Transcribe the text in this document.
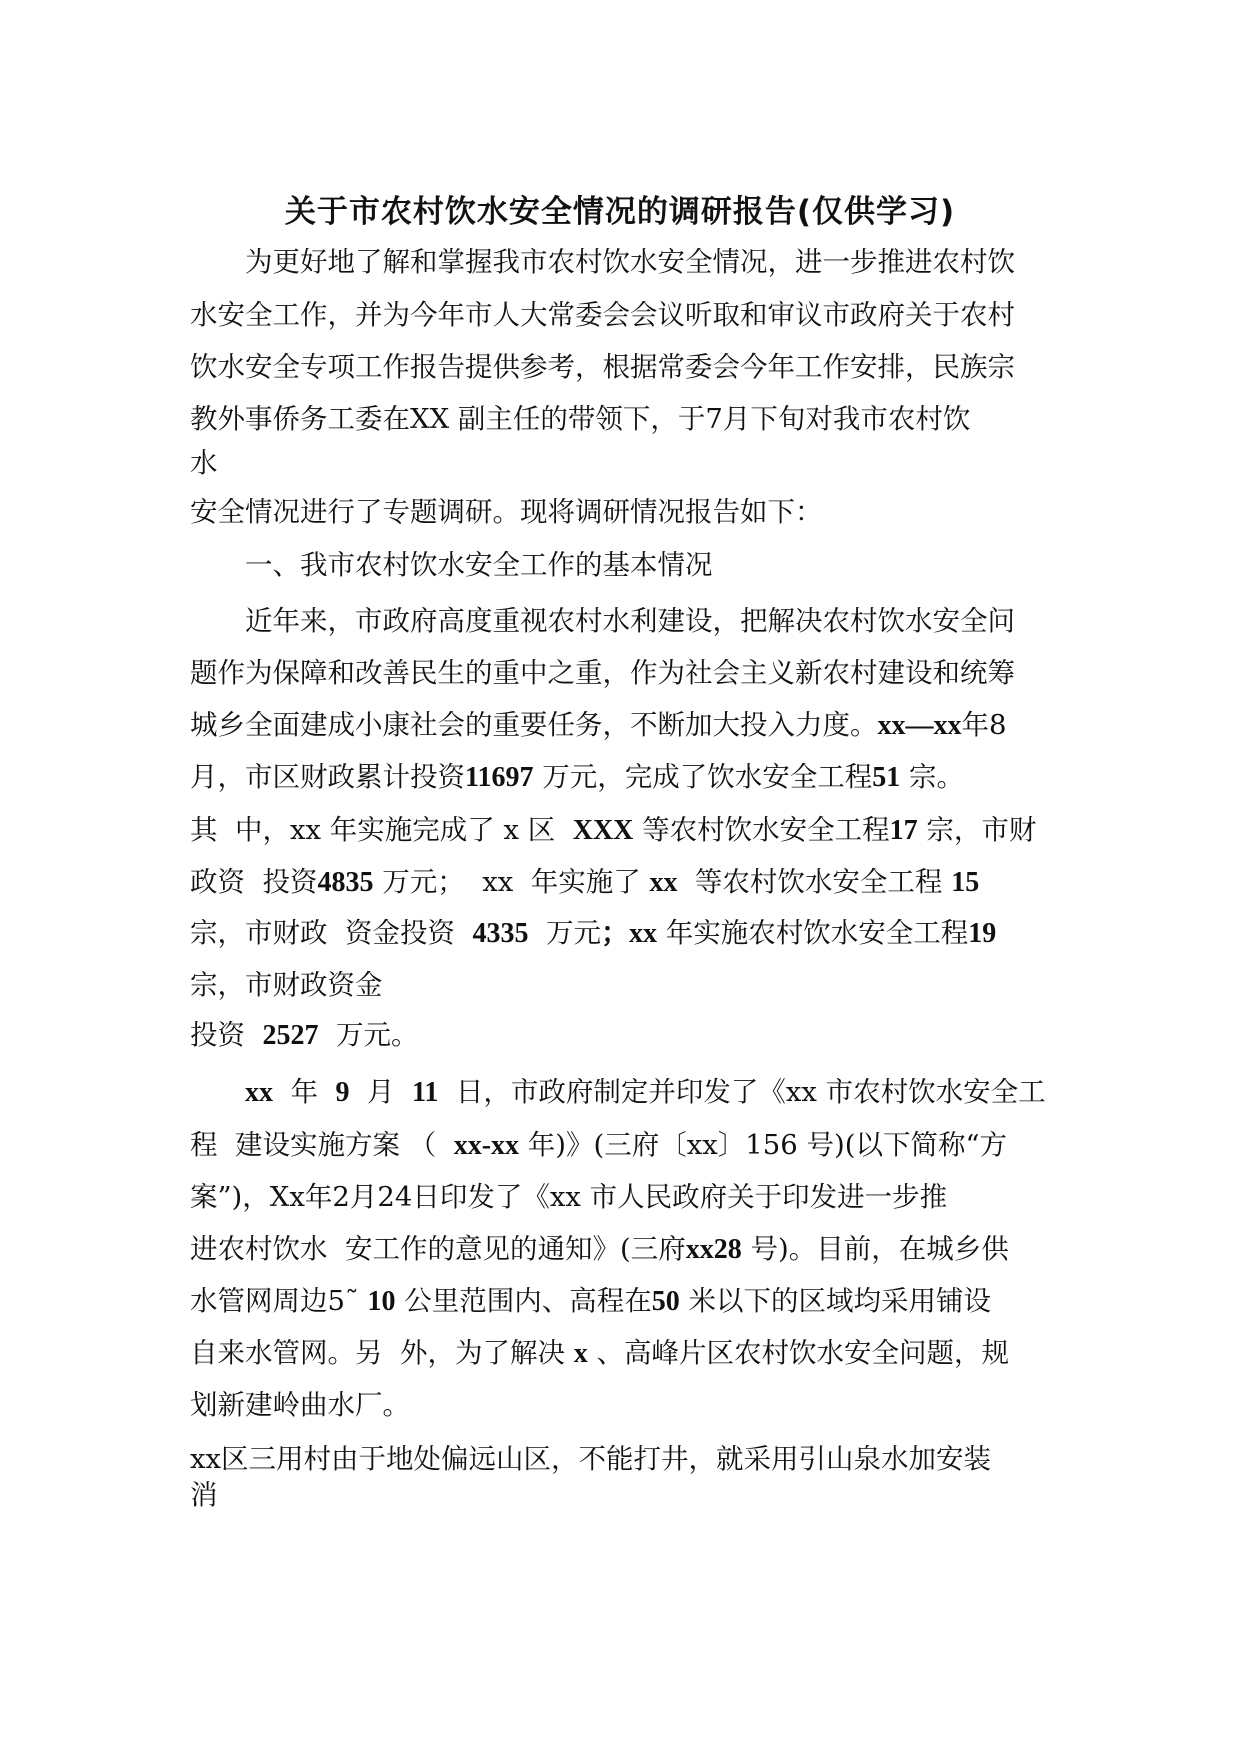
关于市农村饮水安全情况的调研报告(仅供学习)
为更好地了解和掌握我市农村饮水安全情况，进一步推进农村饮
水安全工作，并为今年市人大常委会会议听取和审议市政府关于农村
饮水安全专项工作报告提供参考，根据常委会今年工作安排，民族宗
教外事侨务工委在XX 副主任的带领下，于7月下旬对我市农村饮
水
安全情况进行了专题调研。现将调研情况报告如下：
一、我市农村饮水安全工作的基本情况
近年来，市政府高度重视农村水利建设，把解决农村饮水安全问
题作为保障和改善民生的重中之重，作为社会主义新农村建设和统筹
城乡全面建成小康社会的重要任务，不断加大投入力度。xx—xx年8
月，市区财政累计投资11697 万元，完成了饮水安全工程51 宗。
其  中，xx 年实施完成了 x 区  XXX 等农村饮水安全工程17 宗，市财
政资  投资4835 万元；  xx  年实施了 xx  等农村饮水安全工程 15
宗，市财政  资金投资  4335  万元；xx 年实施农村饮水安全工程19
宗，市财政资金
投资  2527  万元。
xx  年  9  月  11  日，市政府制定并印发了《xx 市农村饮水安全工
程  建设实施方案 （  xx-xx 年)》(三府〔xx〕156 号)(以下简称“方
案”)，Xx年2月24日印发了《xx 市人民政府关于印发进一步推
进农村饮水  安工作的意见的通知》(三府xx28 号)。目前，在城乡供
水管网周边5˜ 10 公里范围内、高程在50 米以下的区域均采用铺设
自来水管网。另  外，为了解决 x 、高峰片区农村饮水安全问题，规
划新建岭曲水厂。
xx区三用村由于地处偏远山区，不能打井，就采用引山泉水加安装
消
